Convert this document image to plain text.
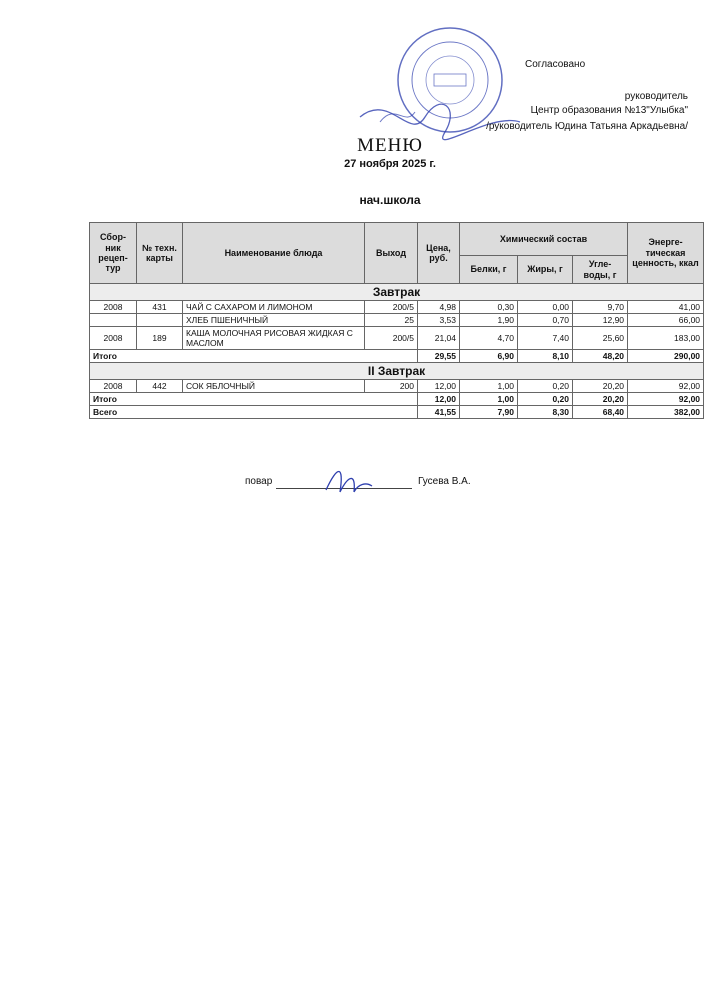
Согласовано
руководитель
Центр образования №13"Улыбка"
/руководитель Юдина Татьяна Аркадьевна/
МЕНЮ
27 ноября 2025 г.
нач.школа
Сбор-ник рецеп-тур	№ техн. карты	Наименование блюда	Выход	Цена, руб.	Химический состав			Энерге-тическая ценность, ккал
					Белки, г	Жиры, г	Угле-воды, г	
Завтрак								
2008	431	ЧАЙ С САХАРОМ И ЛИМОНОМ	200/5	4,98	0,30	0,00	9,70	41,00
		ХЛЕБ ПШЕНИЧНЫЙ	25	3,53	1,90	0,70	12,90	66,00
2008	189	КАША МОЛОЧНАЯ РИСОВАЯ ЖИДКАЯ С МАСЛОМ	200/5	21,04	4,70	7,40	25,60	183,00
Итого				29,55	6,90	8,10	48,20	290,00
II Завтрак								
2008	442	СОК ЯБЛОЧНЫЙ	200	12,00	1,00	0,20	20,20	92,00
Итого				12,00	1,00	0,20	20,20	92,00
Всего				41,55	7,90	8,30	68,40	382,00
повар	Гусева В.А.
